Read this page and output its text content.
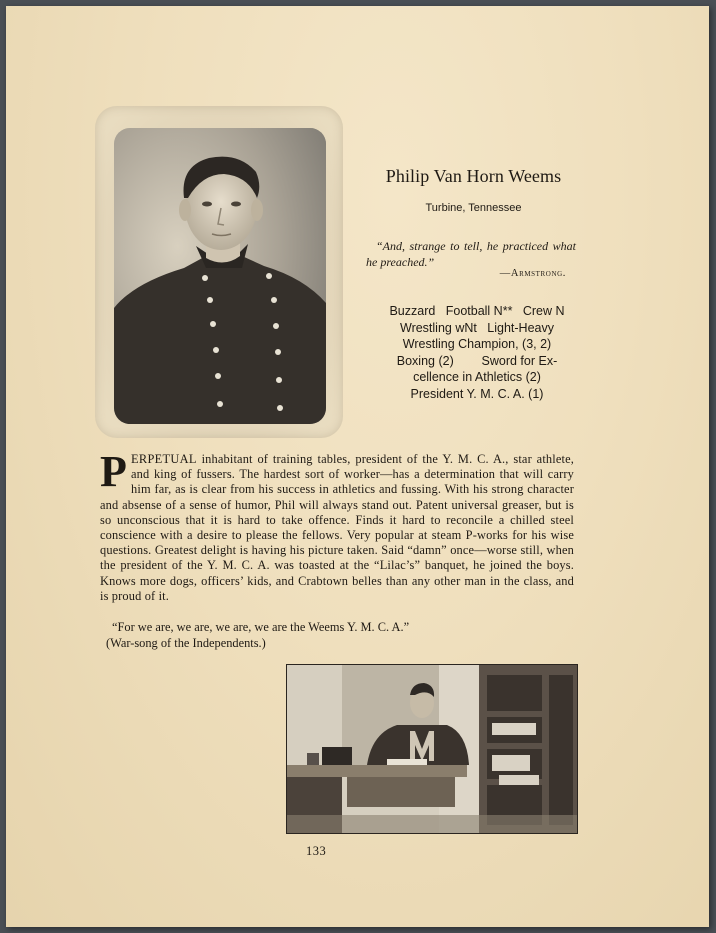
Philip Van Horn Weems
Turbine, Tennessee
“And, strange to tell, he practiced what he preached.”
—Armstrong.
Buzzard   Football N**   Crew N
Wrestling wNt   Light-Heavy
Wrestling Champion, (3, 2)
Boxing (2)        Sword for Ex-
cellence in Athletics (2)
President Y. M. C. A. (1)
PERPETUAL inhabitant of training tables, president of the Y. M. C. A., star athlete, and king of fussers. The hardest sort of worker—has a determination that will carry him far, as is clear from his success in athletics and fussing. With his strong character and absense of a sense of humor, Phil will always stand out. Patent universal greaser, but is so unconscious that it is hard to take offence. Finds it hard to reconcile a chilled steel conscience with a desire to please the fellows. Very popular at steam P-works for his wise questions. Greatest delight is having his picture taken. Said “damn” once—worse still, when the president of the Y. M. C. A. was toasted at the “Lilac’s” banquet, he joined the boys. Knows more dogs, officers’ kids, and Crabtown belles than any other man in the class, and is proud of it.
“For we are, we are, we are, we are the Weems Y. M. C. A.”
(War-song of the Independents.)
133
